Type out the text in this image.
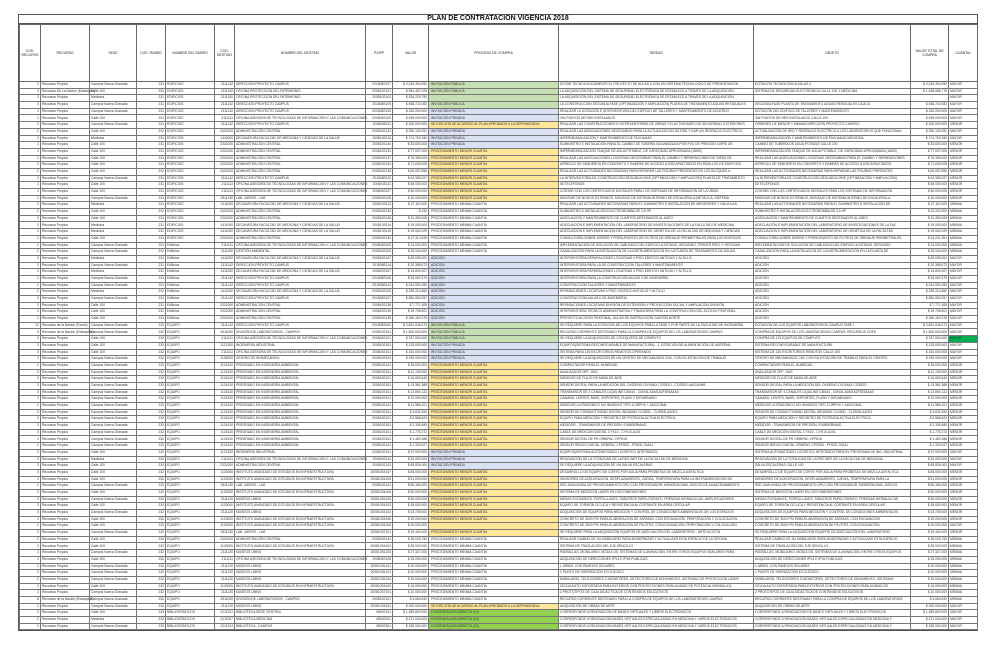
PLAN DE CONTRATACION VIGENCIA 2018
COD. RECURSO	RECURSO	SEDE	COD. RUBRO	NOMBRE DEL RUBRO	COD. DESTINO	NOMBRE DEL DESTINO	PGIPP	VALOR	PROCESO DE COMPRA	TAREAS	OBJETO	VALOR TOTAL DE COMPRA	CUANTIA
2	Recursos Propios	Campus Nueva Granada	231	EDIFICIOS	2111142	DIRECCIÓN PROYECTO CAMPUS	201808S107	$ 3.249.394.092	INVITACIÓN PÚBLICA	DOTAR TECNOLÓGICAMENTE EL PROYECTO DE AULAS II CON UN SISTEMA TECNOLÓGICO DE PRESENTACIÓN	DOTACIÓN TECNOLÓGICA AULAS II	$ 3.249.394.092	MAYOR
4	Recursos De La Nación (Estampilla)	Calle 100	231	EDIFICIOS	2111100	OFICINA PROTECCIÓN DEL PATRIMONIO	200810S101	$ 964.457.029	INVITACIÓN PÚBLICA	LA ADQUISICIÓN DEL SISTEMA DE SEGURIDAD ELECTRÓNICA SE ESTABLECE A TRAVÉS DE LA ADQUISICIÓN	SISTEMA DE SEGURIDAD ELECTRONICA CALLE 100 Y MEDICINA	$ 1.498.686.779	MAYOR
2	Recursos Propios	Medicina	231	EDIFICIOS	2111100	OFICINA PROTECCIÓN DEL PATRIMONIO	200810S102	$ 534.229.750		LA ADQUISICIÓN DEL SISTEMA DE SEGURIDAD ELECTRÓNICA SE ESTABLECE A TRAVÉS DE LA ADQUISICIÓN			MAYOR
2	Recursos Propios	Campus Nueva Granada	231	EDIFICIOS	2111142	DIRECCIÓN PROYECTO CAMPUS	201808S109	$ 838.724.082	INVITACIÓN PÚBLICA	LA CONSTRUCCIÓN SEGUNDA FASE (OPTIMIZACIÓN Y AMPLIACIÓN) PLANTA DE TRATAMIENTO AGUAS RESIDUALES	SEGUNDA FASE PLANTA DE TRATAMIENTO AGUAS RESIDUALES CAJICÁ	$ 838.724.082	MAYOR
2	Recursos Propios	Campus Nueva Granada	231	EDIFICIOS	2111142	DIRECCIÓN PROYECTO CAMPUS	201808S105	$ 330.000.000	INVITACIÓN PRIVADA	REALIZAR LA DOTACIÓN E INTERVENTORÍA DEL EDIFICIO DE TALLERES Y MANTENIMIENTO DE ACUERDO	DOTACIÓN DEL EDIFICIO DE TALLERES Y MANTENIMIENTO	$ 330.000.000	MAYOR
2	Recursos Propios	Calle 100	231	EDIFICIOS	2111111	OFICINA ASESORA DE TECNOLOGÍAS DE INFORMACIÓN Y LAS COMUNICACIONES	200804S100	$ 495.000.000	INVITACIÓN PRIVADA	304 PUNTOS DE RED INSTALADOS	304 PUNTOS DE RED INSTALADOS CALLE 100	$ 495.000.000	MAYOR
2	Recursos Propios	Campus Nueva Granada	231	EDIFICIOS	2111142	DIRECCIÓN PROYECTO CAMPUS	201808S111	$ 300.000.000	SE EJECUTA DE ACUERDO AL PLAN APROBADO A LA DEPENDENCIA	REALIZAR LAS CONSTRUCCIONES E INTERVENTORÍAS DE OBRAS Y/O ACTIVIDADES DE SEGURIDAD, EXTERIORES	ÓRDENES DE MENOR Y MÍNIMA DIRECCIÓN PROYECTO CAMPUS	$ 300.000.000	MENOR
2	Recursos Propios	Calle 100	231	EDIFICIOS	2321000	ADMINISTRACIÓN CENTRAL	200810S141	$ 390.103.251	INVITACIÓN PRIVADA	REALIZAR LAS ADECUACIONES NECESARIAS PARA LA ACTUALIZACIÓN DE RED Y DAR UN RESPALDO ELÉCTRICO	ACTUALIZACIÓN DE RED Y RESPALDO ELÉCTRICO A LOS LABORATORIOS QUE FUNCIONAN	$ 390.103.251	MAYOR
2	Recursos Propios	Medicina	231	EDIFICIOS	1411000	DECANATURA FACULTAD DE MEDICINA Y CIENCIAS DE LA SALUD	200810S115	$ 274.700.150	INVITACIÓN PRIVADA	IMPERMEABILIZACIÓN Y MANTENIMIENTO DE FACHADAS	IMPERMEABILIZACIÓN Y MANTENIMIENTO DE FACHADAS MEDICINA	$ 274.700.150	MAYOR
2	Recursos Propios	Calle 100	231	EDIFICIOS	2321000	ADMINISTRACIÓN CENTRAL	200810S140	$ 83.600.000	INVITACIÓN PRIVADA	SUMINISTRO E INSTALACIÓN PARA EL CAMBIO DE TUBERÍA GALVANIZADA POR PVC DE PRESIÓN 315PSI DE	CAMBIO DE TUBERÍA DE AGUA POTABLE CALLE 100	$ 83.600.000	MENOR
2	Recursos Propios	Calle 100	231	EDIFICIOS	2321000	ADMINISTRACIÓN CENTRAL	200810S131	$ 77.007.000	PROCEDIMIENTO MENOR CUANTÍA	IMPERMEABILIZACIÓN TANQUE DE AGUA POTABLE, DE CAPACIDAD APROXIMADA (18M3)	IMPERMEABILIZACIÓN TANQUE DE AGUA POTABLE, DE CAPACIDAD APROXIMADA (18M3)	$ 77.007.000	MENOR
2	Recursos Propios	Calle 100	231	EDIFICIOS	2321000	ADMINISTRACIÓN CENTRAL	200810S137	$ 76.395.000	PROCEDIMIENTO MENOR CUANTÍA	REALIZAR LAS ADECUACIONES LOCATIVAS NECESARIAS PARA EL CAMBIO Y REPARACIONES DE TAPAS DE	REALIZAR LAS ADECUACIONES LOCATIVAS NECESARIAS PARA EL CAMBIO Y REPARACIONES	$ 76.395.000	MENOR
2	Recursos Propios	Calle 100	231	EDIFICIOS	2321000	ADMINISTRACIÓN CENTRAL	200810S134	$ 71.625.008	PROCEDIMIENTO MENOR CUANTÍA	ARREGLO DE SENDEROS EN CONCRETO Y RAMPAS DE ACCESO A DISCAPACITADOS EN PASILLOS DE EDIFICIOS	ARREGLO DE SENDEROS EN CONCRETO Y RAMPAS DE ACCESO A DISCAPACITADOS	$ 71.625.008	MENOR
2	Recursos Propios	Calle 100	231	EDIFICIOS	2321000	ADMINISTRACIÓN CENTRAL	200810S135	$ 69.097.556	PROCEDIMIENTO MENOR CUANTÍA	REALIZAR LAS ACTIVIDADES NECESARIAS PARA REPARAR LAS FISURAS PRESENTES EN LOS BLOQUES A	REALIZAR LAS ACTIVIDADES NECESARIAS PARA REPARAR LAS FISURAS PRESENTES	$ 69.097.556	MENOR
2	Recursos Propios	Campus Nueva Granada	231	EDIFICIOS	2111142	DIRECCIÓN PROYECTO CAMPUS	201808S110	$ 64.305.027	PROCEDIMIENTO MENOR CUANTÍA	LA INTERVENTORÍA DE CONSTRUCCIÓN SEGUNDA FASE (OPTIMIZACIÓN Y AMPLIACIÓN) PLANTA DE TRATAMIENTO	LA INTERVENTORÍA DE CONSTRUCCIÓN SEGUNDA FASE (OPTIMIZACIÓN Y AMPLIACIÓN)	$ 64.305.027	MENOR
2	Recursos Propios	Calle 100	231	EDIFICIOS	2111111	OFICINA ASESORA DE TECNOLOGÍAS DE INFORMACIÓN Y LAS COMUNICACIONES	200804S111	$ 58.000.000	PROCEDIMIENTO MENOR CUANTÍA	50 TELÉFONOS	50 TELÉFONOS	$ 58.000.000	MENOR
2	Recursos Propios	Calle 100	231	EDIFICIOS	2111111	OFICINA ASESORA DE TECNOLOGÍAS DE INFORMACIÓN Y LAS COMUNICACIONES	200804S107	$ 50.000.000	PROCEDIMIENTO MENOR CUANTÍA	CONTAR CON LOS CERTIFICADOS DIGITALES PARA LOS SISTEMAS DE INFORMACIÓN DE LA UMNG	CONTAR CON LOS CERTIFICADOS DIGITALES PARA LOS SISTEMAS DE INFORMACIÓN	$ 50.000.000	MENOR
2	Recursos Propios	Campus Nueva Granada	231	EDIFICIOS	2511130	LAB. VARIOS - LAB	200810S105	$ 40.000.000	PROCEDIMIENTO MENOR CUANTÍA	MONTAJE DE NODOS EXTERNOS, MONTAJE DE SISTEMA INTERNO DE ESCALERILLA METÁLICA, SISTEMA	MONTAJE DE NODOS EXTERNOS, MONTAJE DE SISTEMA INTERNO DE ESCALERILLA	$ 40.000.000	MENOR
2	Recursos Propios	Medicina	231	EDIFICIOS	1411000	DECANATURA FACULTAD DE MEDICINA Y CIENCIAS DE LA SALUD	200810S112	$ 27.110.000	PROCEDIMIENTO MÍNIMA CUANTÍA	REALIZAR LAS ACTIVIDADES NECESARIAS PARA EL SUMINISTRO E INSTALACIÓN DE MEDIDORES Y VÁLVULAS	REALIZAR LAS ACTIVIDADES NECESARIAS PARA EL SUMINISTRO E INSTALACIÓN DE	$ 27.110.000	MÍNIMA
2	Recursos Propios	Calle 100	231	EDIFICIOS	2321000	ADMINISTRACIÓN CENTRAL	200810S130	$ 232	PROCEDIMIENTO MÍNIMA CUANTÍA	SUMINISTRO E INSTALACIÓN ELECTROBOMBA DE 3,5 HP	SUMINISTRO E INSTALACIÓN ELECTROBOMBA DE 3,5 HP	$ 22.202.000	MÍNIMA
2	Recursos Propios	Calle 100	231	EDIFICIOS	2321000	ADMINISTRACIÓN CENTRAL	200810S136	$ 31.450.005	PROCEDIMIENTO MÍNIMA CUANTÍA	ADECUACIÓN Y MANTENIMIENTO DE CUARTOS DESTINADOS AL ASEO	ADECUACIÓN Y MANTENIMIENTO DE CUARTOS DESTINADOS AL ASEO	$ 31.450.005	MÍNIMA
2	Recursos Propios	Medicina	231	EDIFICIOS	1411000	DECANATURA FACULTAD DE MEDICINA Y CIENCIAS DE LA SALUD	200810S114	$ 19.093.000	PROCEDIMIENTO MÍNIMA CUANTÍA	ADECUACIÓN E IMPLEMENTACIÓN DEL LABORATORIO DE INVESTIGACIONES DE LA FACULTAD DE MEDICINA	ADECUACIÓN E IMPLEMENTACIÓN DEL LABORATORIO DE INVESTIGACIONES DE LA FAC	$ 19.093.000	MÍNIMA
2	Recursos Propios	Medicina	231	EDIFICIOS	1411000	DECANATURA FACULTAD DE MEDICINA Y CIENCIAS DE LA SALUD	200810S115	$ 19.052.029	PROCEDIMIENTO MÍNIMA CUANTÍA	ADECUACIÓN E IMPLEMENTACIÓN DEL LABORATORIO DE GENÉTICA DE LA FACULTAD DE MEDICINA Y CIENCIAS	ADECUACIÓN E IMPLEMENTACIÓN DEL LABORATORIO DE GENÉTICA DE LA FACULTAD	$ 19.052.029	MÍNIMA
2	Recursos Propios	Calle 100	231	EDIFICIOS	2321000	ADMINISTRACIÓN CENTRAL	200810S132	$ 27.312.626	PROCEDIMIENTO MÍNIMA CUANTÍA	CONSULTORÍA SOBRE DISEÑO Y PRESUPUESTO DE FILTROS DE DRENAJE PERIMETRALES PARA LOS EDIFICIOS	CONSULTORÍA SOBRE DISEÑO Y PRESUPUESTO DE FILTROS DE DRENAJE PERIMETRALES	$ 24.201.351	MÍNIMA
2	Recursos Propios	Campus Nueva Granada	231	Edificios	2111111	OFICINA ASESORA DE TECNOLOGÍAS DE INFORMACIÓN Y LAS COMUNICACIONES	200804S109	$ 23.000.000	PROCEDIMIENTO MÍNIMA CUANTÍA	IMPLEMENTACIÓN DE SOLUCIÓN DE CABLEADO DEL EDIFICIO A SÓTANO, SEGUNDO, TERCER PISO, Y OFICINAS	IMPLEMENTACIÓN DE SOLUCIÓN DE CABLEADO DEL EDIFICIO A SÓTANO, SEGUNDO	$ 23.000.000	MÍNIMA
2	Recursos Propios	Campus Nueva Granada	231	Edificios	2111100	GESTIÓN AMBIENTAL	200810S100	$ 25.000.000	PROCEDIMIENTO MÍNIMA CUANTÍA	CANALIZACIÓN PARA LA INSTALACIÓN DE LA INSTRUMENTACIÓN EN LA PLANTA DE TRATAMIENTO DE AGUAS	CANALIZACIÓN PARA LA INSTALACIÓN DE LA INSTRUMENTACIÓN EN LA PLANTA DE	$ 25.000.000	MÍNIMA
2	Recursos Propios	Medicina	231	Edificios	1411000	DECANATURA FACULTAD DE MEDICINA Y CIENCIAS DE LA SALUD	200810S107	$ 45.005.000	ADICIÓN	INTERVENTORÍA REPARACIONES LOCATIVAS 4 PISO EDIFICIO ANTIGUO Y ALTILLO.	ADICIÓN	$ 45.005.000	MAYOR
2	Recursos Propios	Campus Nueva Granada	231	Edificios	2111142	DIRECCIÓN PROYECTO CAMPUS	201808S114	$ 20.358.673	ADICIÓN	INTERVENTORÍA PARA LA DE CONSTRUCCIÓN TALLERES Y MANTENIMIENTO	ADICIÓN	$ 20.358.673	MAYOR
2	Recursos Propios	Medicina	231	Edificios	1411000	DECANATURA FACULTAD DE MEDICINA Y CIENCIAS DE LA SALUD	200810S107	$ 33.600.007	ADICIÓN	INTERVENTORÍA REPARACIONES LOCATIVAS 4 PISO EDIFICIO ANTIGUO Y ALTILLO.	ADICIÓN	$ 33.600.007	MAYOR
2	Recursos Propios	Campus Nueva Granada	231	Edificios	2111142	DIRECCIÓN PROYECTO CAMPUS	201808S106	$ 93.052.279	ADICIÓN	INTERVENTORÍA PARA LA CONSTRUCCIÓN AULAS II DE INGENIERÍA	ADICIÓN	$ 93.052.279	MAYOR
2	Recursos Propios	Campus Nueva Granada	231	Edificios	2111142	DIRECCIÓN PROYECTO CAMPUS	201808S113	$ 243.900.280	ADICIÓN	CONSTRUCCIÓN TALLERES Y MANTENIMIENTO	ADICIÓN	$ 243.900.280	MAYOR
2	Recursos Propios	Medicina	231	Edificios	1411000	DECANATURA FACULTAD DE MEDICINA Y CIENCIAS DE LA SALUD	200810S106	$ 339.213.660	ADICIÓN	REPARACIONES LOCATIVAS 4 PISO, EDIFICIO ANTIGUO Y ALTILLO.	ADICIÓN	$ 339.213.660	MAYOR
2	Recursos Propios	Campus Nueva Granada	231	Edificios	2111142	DIRECCIÓN PROYECTO CAMPUS	201808S107	$ 850.052.097	ADICIÓN	CONSTRUCCIÓN AULAS II DE INGENIERÍA	ADICIÓN	$ 850.052.097	MAYOR
2	Recursos Propios	Calle 100	231	Edificios	2321000	ADMINISTRACIÓN CENTRAL	200810S138	$ 7.771.308	ADICIÓN	REPARACIONES LOCATIVAS DIVISIÓN DE EXTENSIÓN Y PROYECCIÓN SOCIAL Y AMPLIACIÓN DIVISIÓN	ADICIÓN	$ 7.771.308	MAYOR
2	Recursos Propios	Calle 100	231	Edificios	2321000	ADMINISTRACIÓN CENTRAL	200810S139	$ 39.738.501	ADICIÓN	INTERVENTORÍA TÉCNICO ADMINISTRATIVA Y FINANCIERA PARA LA CONSTRUCCIÓN DEL ACCESO PEATONAL	ADICIÓN	$ 39.738.501	MAYOR
2	Recursos Propios	Calle 100	231	Edificios	2321000	ADMINISTRACIÓN CENTRAL	200810S136	$ 330.153.276	ADICIÓN	PROYECTO ACCESO PEATONAL, AULAS DE INSTRUCCIÓN CANTÓN NORTE	ADICIÓN	$ 330.153.276	MAYOR
12	Recursos de la Nación (Fondo)	Campus Nueva Granada	232	EQUIPO	2111142	DIRECCIÓN PROYECTO CAMPUS	201808S000	$ 3.891.046.473	INVITACIÓN PÚBLICA	SE REQUIERE PARA LA DOTACIÓN DE LOS EQUIPOS PARA LA FASE II POR PARTE DE LA FACULTAD DE INGENIERÍA	DOTACIÓN DE LOS EQUIPOS LABORATORIOS CAMPUS FASE I	$ 3.891.046.473	MAYOR
9	Recursos de la Nación (Estampilla)	Campus Nueva Granada	232	EQUIPO	2511000	DIVISIÓN DE LABORATORIOS - CAMPUS	200810S101	$ 1.500.000.000	INVITACIÓN PÚBLICA	RECURSO CORRIENTE DESTINADO PARA LA COMPRA DE EQUIPOS DE LOS LABORATORIOS CAMPUS.	COMPRA DE EQUIPOS DE LOS LABORATORIOS CAMPUS. RECURSOS CREE	$ 1.500.000.000	MAYOR
2	Recursos Propios	Calle 100	232	EQUIPO	2111111	OFICINA ASESORA DE TECNOLOGÍAS DE INFORMACIÓN Y LAS COMUNICACIONES	200804S101	$ 787.500.000	INVITACIÓN PÚBLICA	SE REQUIERE LA ADQUISICIÓN DE 175 EQUIPOS DE CÓMPUTO	COMPRA DE 175 EQUIPOS DE CÓMPUTO	$ 787.500.000	MAYOR
2	Recursos Propios	Calle 100	232	EQUIPO	1121300	INGENIERÍA INDUSTRIAL	200810S101	$ 215.000.000	INVITACIÓN PRIVADA	EQUIPOS(SISTEMA RECONFIGURABLE DE MANUFACTURA) - 1. ESTACIÓN DE ALIMENTACIÓN DE MATERIAL	SISTEMA RECONFIGURABLE DE MANUFACTURA	$ 215.000.000	MAYOR
2	Recursos Propios	Calle 100	232	EQUIPO	2111111	OFICINA ASESORA DE TECNOLOGÍAS DE INFORMACIÓN Y LAS COMUNICACIONES	200804S101	$ 204.000.000	INVITACIÓN PRIVADA	SISTEMA PARA 130 ESCRITORIOS REMOTOS OPERANDO	SISTEMA DE 130 ESCRITORIOS REMOTOS CALLE 100	$ 204.000.000	MAYOR
2	Recursos Propios	Campus Nueva Granada	232	EQUIPO	1135000	CENTRO DE BIOMECÁNICA	200810S104	$ 190.000.000	INVITACIÓN PRIVADA	SE REQUIERE LA ADQUISICIÓN DE UN CENTRO DE MECANIZADO CNC, CON SU ESTACIÓN DE TRABAJO	CENTRO DE MECANIZADO CNC CON SU ESTACIÓN DE TRABAJO PARA EL CENTRO	$ 190.000.000	MAYOR
2	Recursos Propios	Campus Nueva Granada	232	EQUIPO	1121610	PREGRADO EN INGENIERÍA AMBIENTAL	200810S101	$ 35.000.000	PROCEDIMIENTO MENOR CUANTÍA	COMPACTADOR PARA EL HUMEDAD	COMPACTADOR PARA EL HUMEDAD	$ 35.000.000	MENOR
2	Recursos Propios	Campus Nueva Granada	232	EQUIPO	1121610	PREGRADO EN INGENIERÍA AMBIENTAL	200810S101	$ 21.130.000	PROCEDIMIENTO MENOR CUANTÍA	ANALIZADOR OFF- GAS	ANALIZADOR OFF- GAS	$ 21.130.000	MENOR
2	Recursos Propios	Campus Nueva Granada	232	EQUIPO	1121610	PREGRADO EN INGENIERÍA AMBIENTAL	200810S101	$ 16.650.949	PROCEDIMIENTO MENOR CUANTÍA	MEDIDOR DE FLUJO DE MASA DE AIRE	MEDIDOR DE FLUJO DE MASA DE AIRE	$ 16.650.949	MENOR
2	Recursos Propios	Campus Nueva Granada	232	EQUIPO	1121610	PREGRADO EN INGENIERÍA AMBIENTAL	200810S101	$ 13.361.988	PROCEDIMIENTO MENOR CUANTÍA	SENSOR DIGITAL PARA LA MEDICIÓN DEL OXÍGENO OXYMAX COS51D - COS51D-AA01A9HB	SENSOR DIGITAL PARA LA MEDICIÓN DEL OXÍGENO OXYMAX COS51D	$ 13.361.988	MENOR
2	Recursos Propios	Campus Nueva Granada	232	EQUIPO	1121610	PREGRADO EN INGENIERÍA AMBIENTAL	200810S101	$ 12.694.122	PROCEDIMIENTO MENOR CUANTÍA	TRANSMISOR DE 4 CANALES LIQUILINE CM444 - CM444-AAM1A2F3E5A4A0	TRANSMISOR DE 4 CANALES LIQUILINE CM444 - CM444-AAM1A2F3E5A4A0	$ 12.694.122	MENOR
2	Recursos Propios	Campus Nueva Granada	232	EQUIPO	1121610	PREGRADO EN INGENIERÍA AMBIENTAL	200810S101	$ 12.000.000	PROCEDIMIENTO MENOR CUANTÍA	CÁMARA, LENTES, BASE, SOPORTES, FLASH Y DIFUMINADO	CÁMARA, LENTES, BASE, SOPORTES, FLASH Y DIFUMINADO	$ 12.000.000	MENOR
2	Recursos Propios	Campus Nueva Granada	232	EQUIPO	1121610	PREGRADO EN INGENIERÍA AMBIENTAL	200810S101	$ 11.966.101	PROCEDIMIENTO MENOR CUANTÍA	MEDIDOR ULTRASÓNICO NO INVASIVO TIPO 1CIRPHX + ADICIONAL	MEDIDOR ULTRASÓNICO NO INVASIVO TIPO 1CIRPHX + ADICIONAL	$ 11.966.101	MENOR
2	Recursos Propios	Campus Nueva Granada	232	EQUIPO	1121610	PREGRADO EN INGENIERÍA AMBIENTAL	200810S101	$ 3.632.454	PROCEDIMIENTO MENOR CUANTÍA	SENSOR DE CONDUCTIVIDAD DIGITAL INDUMAX CLS50D - CLS50D-AA0S1	SENSOR DE CONDUCTIVIDAD DIGITAL INDUMAX CLS50D - CLS50D-AA0S1	$ 3.632.454	MENOR
2	Recursos Propios	Campus Nueva Granada	232	EQUIPO	1121610	PREGRADO EN INGENIERÍA AMBIENTAL	200810S101	$ 5.566.523	PROCEDIMIENTO MENOR CUANTÍA	EQUIPO PARA MEDICIÓN Y REGISTRO DE POTENCIA ACTIVA ELÉCTRICA	EQUIPO PARA MEDICIÓN Y REGISTRO DE POTENCIA ACTIVA ELÉCTRICA	$ 5.566.523	MENOR
2	Recursos Propios	Campus Nueva Granada	232	EQUIPO	1121610	PREGRADO EN INGENIERÍA AMBIENTAL	200810S101	$ 2.336.585	PROCEDIMIENTO MENOR CUANTÍA	MEDIDOR - TRANSMISOR DE PRESIÓN / RUBBERMAID	MEDIDOR - TRANSMISOR DE PRESIÓN / RUBBERMAID	$ 2.336.585	MENOR
2	Recursos Propios	Campus Nueva Granada	232	EQUIPO	1121610	PREGRADO EN INGENIERÍA AMBIENTAL	200810S101	$ 1.776.372	PROCEDIMIENTO MENOR CUANTÍA	CABLE DE MEDICIÓN DIGITAL CYK10 - CYK10-A101	CABLE DE MEDICIÓN DIGITAL CYK10 - CYK10-A101	$ 1.776.372	MENOR
2	Recursos Propios	Campus Nueva Granada	232	EQUIPO	1121610	PREGRADO EN INGENIERÍA AMBIENTAL	200810S101	$ 1.452.086	PROCEDIMIENTO MENOR CUANTÍA	SENSOR DIGITAL DE PH ORBIPAC CPF81D	SENSOR DIGITAL DE PH ORBIPAC CPF81D	$ 1.452.086	MENOR
2	Recursos Propios	Campus Nueva Granada	232	EQUIPO	1121610	PREGRADO EN INGENIERÍA AMBIENTAL	200810S101	$ 1.329.027	PROCEDIMIENTO MENOR CUANTÍA	SENSOR REDOX DIGITAL ORBIPAC CPF82D - PF82D-7NA11	SENSOR REDOX DIGITAL ORBIPAC CPF82D - PF82D-7NA11	$ 1.329.027	MENOR
2	Recursos Propios	Calle 100	232	EQUIPO	1121300	INGENIERÍA INDUSTRIAL	200810S101	$ 97.000.000	INVITACIÓN PRIVADA	EQUIPOS(SISTEMA AUTOMATIZADO LOGÍSTICO INTEGRADO)	SISTEMA AUTOMATIZADO LOGÍSTICO INTEGRADO PARA EL PROGRAMA DE ING. INDUSTRIAL	$ 97.000.000	MAYOR
2	Recursos Propios	Medicina	232	EQUIPO	2111111	OFICINA ASESORA DE TECNOLOGÍAS DE INFORMACIÓN Y LAS COMUNICACIONES	200804S110	$ 92.000.000	INVITACIÓN PRIVADA	RENOVACIÓN DE LA TOTALIDAD DE LA RED WIFI DE LA FACULTAD DE MEDICINA	RENOVACIÓN DE LA TOTALIDAD DE LA RED WIFI DE LA FACULTAD DE MEDICINA	$ 92.000.000	MAYOR
2	Recursos Propios	Calle 100	232	EQUIPO	2321000	ADMINISTRACIÓN CENTRAL	200810S142	$ 89.826.000	INVITACIÓN PRIVADA	SE REQUIERE LA ADQUISICIÓN DE UN SALVA ESCALERAS	SALVA ESCALERAS CALLE 100	$ 89.826.000	MAYOR
2	Recursos Propios	Calle 100	232	EQUIPO	1123000	INSTITUTO AVANZADO DE ESTUDIOS EN INFRAESTRUCTURA	200810S4107	$ 85.000.000	PROCEDIMIENTO MENOR CUANTÍA	DESARROLLO DE EQUIPO DE CORTE POR AGUA PARA PROBETAS DE MEZCLA ASFÁLTICA	DESARROLLO DE EQUIPO DE CORTE POR AGUA PARA PROBETAS DE MEZCLA ASFÁLTICA	$ 85.000.000	MENOR
2	Recursos Propios	Calle 100	232	EQUIPO	1123000	INSTITUTO AVANZADO DE ESTUDIOS EN INFRAESTRUCTURA	200810S4105	$ 61.000.000	PROCEDIMIENTO MENOR CUANTÍA	SENSORES DE ACELERACIÓN, DESPLAZAMIENTO, CARGA, TEMPERATURA PARA LA INSTRUMENTACIÓN DE	SENSORES DE ACELERACIÓN, DESPLAZAMIENTO, CARGA, TEMPERATURA PARA LA	$ 61.000.000	MENOR
2	Recursos Propios	Campus Nueva Granada	232	EQUIPO	2511130	LAB. VARIOS - LAB	200810S101	$ 80.160.000	PROCEDIMIENTO MENOR CUANTÍA	SED UNA NVIDIA DE PROCESAMIENTO GPU CON PROCESADOR, MEMORIA RAM, DISCOS DE ALMACENAMIENTO	SED UNA NVIDIA DE PROCESAMIENTO GPU CON PROCESADOR, MEMORIA RAM, DISCOS	$ 80.160.000	MENOR
2	Recursos Propios	Calle 100	232	EQUIPO	1123000	INSTITUTO AVANZADO DE ESTUDIOS EN INFRAESTRUCTURA	200810S4106	$ 50.000.000	PROCEDIMIENTO MENOR CUANTÍA	SISTEMA DE MEDICIÓN LASER EN DOS DIMENSIONES	SISTEMA DE MEDICIÓN LASER EN DOS DIMENSIONES	$ 50.000.000	MENOR
2	Recursos Propios	Campus Nueva Granada	232	EQUIPO	2111120	MUSEOS UMNG	200810S1106	$ 50.000.000	PROCEDIMIENTO MENOR CUANTÍA	MESAS PLEGABLES, PORTA LLAVES, TABLEROS PAPELÓGRAFO, PRENSAS HIDRÁULICAS, AMPLIFICADORES	MESAS PLEGABLES, PORTA LLAVES, TABLEROS PAPELÓGRAFO, PRENSAS HIDRÁULICAS	$ 50.000.000	MENOR
2	Recursos Propios	Calle 100	232	EQUIPO	1123000	INSTITUTO AVANZADO DE ESTUDIOS EN INFRAESTRUCTURA	200810S4103	$ 45.000.000	PROCEDIMIENTO MENOR CUANTÍA	EQUIPO DE TORSIÓN CÍCLICA Y RESISTENCIA AL CORTANTE EN ÁREA CIRCULAR	EQUIPO DE TORSIÓN CÍCLICA Y RESISTENCIA AL CORTANTE EN ÁREA CIRCULAR	$ 45.000.000	MENOR
2	Recursos Propios	Campus Nueva Granada	232	EQUIPO	2111120	MUSEOS UMNG	200810S4102	$ 43.739.000	PROCEDIMIENTO MENOR CUANTÍA	ADQUISICIÓN DE EQUIPOS PARA MEDICIÓN Y CONTROL DE CONDICIONES AMBIENTALES DE LOS ESPACIOS	ADQUISICIÓN DE EQUIPOS PARA MEDICIÓN Y CONTROL DE CONDICIONES AMBIENTALES	$ 43.739.000	MENOR
2	Recursos Propios	Calle 100	232	EQUIPO	1123000	INSTITUTO AVANZADO DE ESTUDIOS EN INFRAESTRUCTURA	200810S4106	$ 20.000.000	PROCEDIMIENTO MENOR CUANTÍA	CONCRETO DE 3000 PSI PARA ELABORACIÓN DE ZAPATAS, CON EXCAVACIÓN, PERFORACIÓN Y COLOCACIÓN	CONCRETO DE 3000 PSI PARA ELABORACIÓN DE ZAPATAS, CON EXCAVACIÓN	$ 20.000.000	MENOR
2	Recursos Propios	Calle 100	232	EQUIPO	1123000	INSTITUTO AVANZADO DE ESTUDIOS EN INFRAESTRUCTURA	200810S4106	$ 20.000.000		CONCRETO DE 3500 PSI PARA ELABORACIÓN DE PILOTES, CON EXCAVACIÓN, PERFORACIÓN Y COLOCACIÓN	CONCRETO DE 3500 PSI PARA ELABORACIÓN DE PILOTES, CON EXCAVACIÓN	$ 20.000.000	MAYOR
2	Recursos Propios	Campus Nueva Granada	232	EQUIPO	2511130	LAB. VARIOS - LAB	200810S7101	$ 39.440.000	PROCEDIMIENTO MENOR CUANTÍA	SE REQUIERE PARA LA ADQUISICIÓN EQUIPOS DE ADECUACIÓN DEL LABORATORIO - ARTE ACCIÓN	SE REQUIERE PARA LA ADQUISICIÓN EQUIPOS DE ADECUACIÓN DEL LABORATORIO	$ 39.440.000	MENOR
2	Recursos Propios	Calle 100	232	EQUIPO	2321000	ADMINISTRACIÓN CENTRAL	200810S144	$ 35.025.750	PROCEDIMIENTO MÍNIMA CUANTÍA	REALIZAR CAMBIO DE SU MOBILIARIO PARA MODERNIZAR Y ACTUALIZAR ESTA ESPACIO DE LA OFICINA	REALIZAR CAMBIO DE SU MOBILIARIO PARA MODERNIZAR Y ACTUALIZAR ESTA ESPACIO	$ 35.025.750	MÍNIMA
2	Recursos Propios	Calle 100	232	EQUIPO	1123000	INSTITUTO AVANZADO DE ESTUDIOS EN INFRAESTRUCTURA	200810S4101	$ 35.000.000	PROCEDIMIENTO MÍNIMA CUANTÍA	SISTEMA DE TRASLACIÓN DEL EJE SENCILLO.	SISTEMA DE TRASLACIÓN DEL EJE SENCILLO.	$ 35.000.000	MÍNIMA
2	Recursos Propios	Campus Nueva Granada	232	EQUIPO	2111120	MUSEOS UMNG	200810S1103	$ 27.327.000	PROCEDIMIENTO MÍNIMA CUANTÍA	PANTALLAS, MOBILIARIO, MÓDULOS, SISTEMAS DE ILUMINACIÓN, ENTRE OTROS EQUIPOS SIMILARES PARA	PANTALLAS, MOBILIARIO, MÓDULOS, SISTEMAS DE ILUMINACIÓN, ENTRE OTROS EQUIPOS	$ 27.327.000	MÍNIMA
2	Recursos Propios	Calle 100	232	EQUIPO	2111111	OFICINA ASESORA DE TECNOLOGÍAS DE INFORMACIÓN Y LAS COMUNICACIONES	200804S106	$ 25.000.000	PROCEDIMIENTO MÍNIMA CUANTÍA	ADQUISICIÓN DE DIRECCIONES IPV4 E IPV6 PÚBLICAS	ADQUISICIÓN DE DIRECCIONES IPV4 E IPV6 PÚBLICAS	$ 25.000.000	MÍNIMA
2	Recursos Propios	Campus Nueva Granada	232	EQUIPO	2111120	MUSEOS UMNG	200810S1101	$ 20.000.000	PROCEDIMIENTO MÍNIMA CUANTÍA	1 ÁRBOL CON PANELES SOLARES	1 ÁRBOL CON PANELES SOLARES	$ 20.000.000	MÍNIMA
2	Recursos Propios	Campus Nueva Granada	232	EQUIPO	2111120	MUSEOS UMNG	200810S1101	$ 20.000.000	PROCEDIMIENTO MÍNIMA CUANTÍA	1 PUNTO DE HIDRATACIÓN ECOLÓGICO	1 PUNTO DE HIDRATACIÓN ECOLÓGICO	$ 20.000.000	MÍNIMA
2	Recursos Propios	Campus Nueva Granada	232	EQUIPO	2111120	MUSEOS UMNG	200810S1104	$ 15.000.000	PROCEDIMIENTO MÍNIMA CUANTÍA	MOBILIARIO, TELEVISORES O MONITORES, DETECTORES DE MOVIMIENTO, SISTEMAS DE PROYECCIÓN LÁSER	MOBILIARIO, TELEVISORES O MONITORES, DETECTORES DE MOVIMIENTO, SISTEMAS	$ 15.000.000	MÍNIMA
2	Recursos Propios	Calle 100	232	EQUIPO	1123000	INSTITUTO AVANZADO DE ESTUDIOS EN INFRAESTRUCTURA	200810S4100	$ 15.000.000	PROCEDIMIENTO MÍNIMA CUANTÍA	CELDA AUTO SOPORTADA PARA EXTERIOR CON PROTECCIONES PARA UNIDAD DE POTENCIA HIDRÁULICA	CELDA AUTO SOPORTADA PARA EXTERIOR CON PROTECCIONES PARA UNIDAD DE	$ 15.000.000	MÍNIMA
2	Recursos Propios	Campus Nueva Granada	232	EQUIPO	2111120	MUSEOS UMNG	200810S7101	$ 10.000.000	PROCEDIMIENTO MÍNIMA CUANTÍA	2 PROTOTIPOS DE CAJA DIDÁCTICA DE CONTENIDOS EDUCATIVOS	2 PROTOTIPOS DE CAJA DIDÁCTICA DE CONTENIDOS EDUCATIVOS	$ 10.000.000	MÍNIMA
8	Recursos de la Nación (Estampilla)	Campus Nueva Granada	232	EQUIPO	2511000	DIVISIÓN DE LABORATORIOS - CAMPUS	200810S101	$ 3.654.532	PROCEDIMIENTO MÍNIMA CUANTÍA	RECURSO CORRIENTE DESTINADO PARA LA COMPRA DE EQUIPOS DE LOS LABORATORIOS CAMPUS.	RECURSO CORRIENTE DESTINADO PARA LA COMPRA DE EQUIPOS DE LOS LABORATORIOS	$ 3.654.532	MÍNIMA
2	Recursos Propios	Campus Nueva Granada	232	EQUIPO	2111120	MUSEOS UMNG	200810S4101	$ 300.000.000	SE EJECUTA DE ACUERDO AL PLAN APROBADO A LA DEPENDENCIA	ADQUISICIÓN DE OBRAS DE ARTE	ADQUISICIÓN DE OBRAS DE ARTE	$ 300.000.000	MAYOR
2	Recursos Propios	Calle 100	233	BIBLIOGRÁFICOS	2211301	BIBLIOTECA SEDE CENTRAL	4900S101	$ 1.389.800.000	CONTRATACIÓN DIRECTA (10)	CORRESPONDE A RENOVACIÓN DE BASES VIRTUALES Y LIBROS ELECTRÓNICOS	CORRESPONDE A RENOVACIÓN DE BASES VIRTUALES Y LIBROS ELECTRÓNICOS	$ 1.389.800.000	MAYOR
2	Recursos Propios	Medicina	233	BIBLIOGRÁFICOS	2211307	BIBLIOTECA MEDICINA	4900S201	$ 471.000.000	CONTRATACIÓN DIRECTA (10)	CORRESPONDE A RENOVACIÓN BASES VIRTUALES ESPECIALIZADAS EN MEDICINA Y LIBROS ELECTRÓNICOS	CORRESPONDE A RENOVACIÓN BASES VIRTUALES ESPECIALIZADAS EN MEDICINA Y	$ 471.000.000	MAYOR
2	Recursos Propios	Campus Nueva Granada	233	BIBLIOGRÁFICOS	2211314	BIBLIOTECA - CAMPUS	4900S301	$ 335.000.000	CONTRATACIÓN DIRECTA (10)	CORRESPONDE A RENOVACIÓN BASES VIRTUALES ESPECIALIZADAS EN MEDICINA Y LIBROS ELECTRÓNICOS	CORRESPONDE A RENOVACIÓN BASES VIRTUALES ESPECIALIZADAS EN MEDICINA Y	$ 335.000.000	MAYOR
